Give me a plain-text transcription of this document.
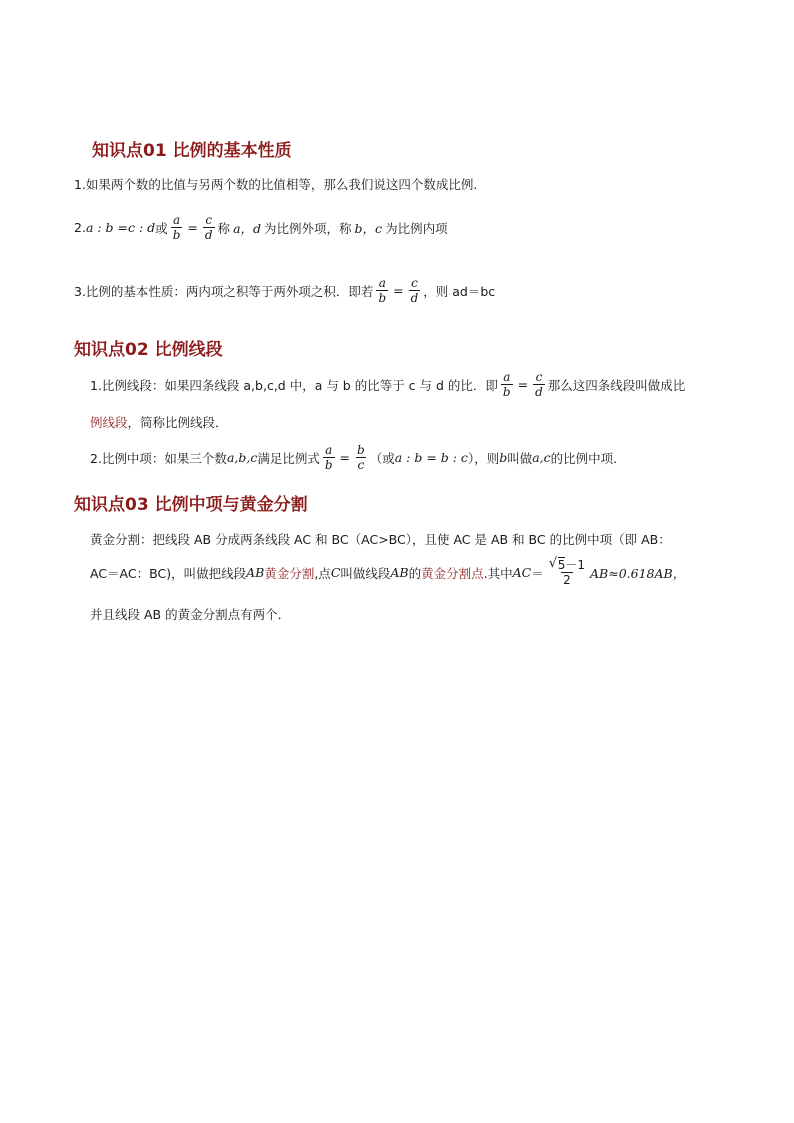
知识点01 比例的基本性质
1.如果两个数的比值与另两个数的比值相等，那么我们说这四个数成比例.
2. a : b =c : d 或 $\frac{a}{b} = \frac{c}{d}$ 称 a，d 为比例外项，称 b，c 为比例内项
3.比例的基本性质：两内项之积等于两外项之积．即若 $\frac{a}{b} = \frac{c}{d}$ ，则 ad＝bc
知识点02 比例线段
1.比例线段：如果四条线段 a,b,c,d 中，a 与 b 的比等于 c 与 d 的比．即 $\frac{a}{b} = \frac{c}{d}$ 那么这四条线段叫做成比
例线段 ，简称比例线段．
2.比例中项：如果三个数 a,b,c 满足比例式 $\frac{a}{b} = \frac{b}{c}$ （或 a : b = b : c ），则 b 叫做 a,c 的比例中项.
知识点03 比例中项与黄金分割
黄金分割：把线段 AB 分成两条线段 AC 和 BC（AC>BC），且使 AC 是 AB 和 BC 的比例中项（即 AB：
AC＝AC：BC)，叫做把线段 AB 黄金分割 ,点 C 叫做线段 AB 的 黄金分割点 .其中 AC ＝
√ $\frac{5-1}{2} AB\approx 0.618AB$，
并且线段 AB 的黄金分割点有两个．
